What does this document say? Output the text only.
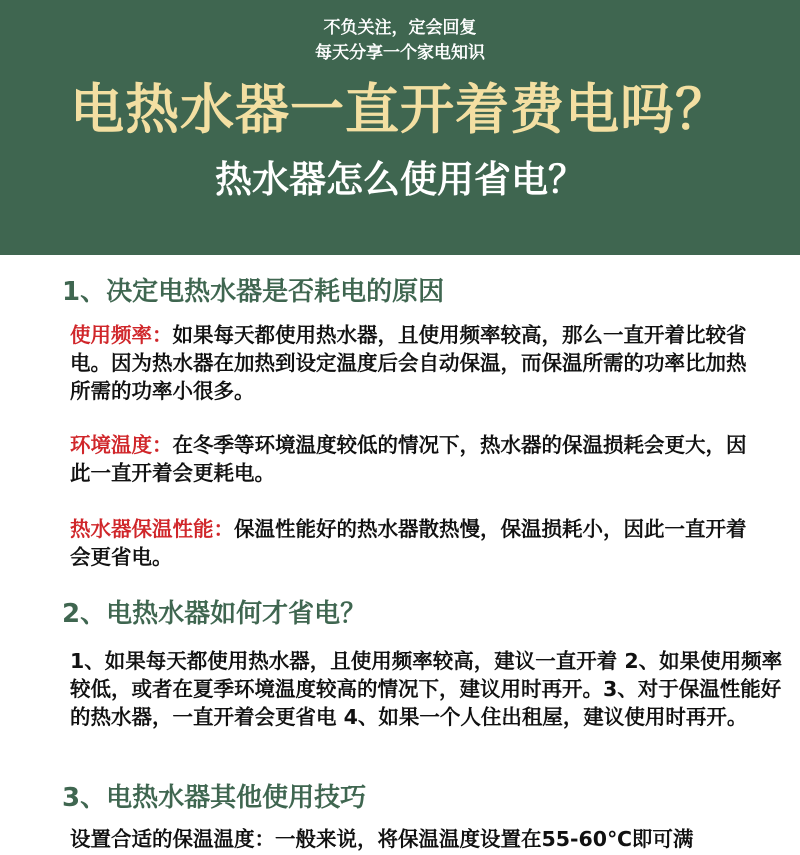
不负关注，定会回复
每天分享一个家电知识
电热水器一直开着费电吗？
热水器怎么使用省电？
1、决定电热水器是否耗电的原因
使用频率：如果每天都使用热水器，且使用频率较高，那么一直开着比较省电。因为热水器在加热到设定温度后会自动保温，而保温所需的功率比加热所需的功率小很多。
环境温度：在冬季等环境温度较低的情况下，热水器的保温损耗会更大，因此一直开着会更耗电。
热水器保温性能：保温性能好的热水器散热慢，保温损耗小，因此一直开着会更省电。
2、电热水器如何才省电？
1、如果每天都使用热水器，且使用频率较高，建议一直开着 2、如果使用频率较低，或者在夏季环境温度较高的情况下，建议用时再开。3、对于保温性能好的热水器，一直开着会更省电 4、如果一个人住出租屋，建议使用时再开。
3、电热水器其他使用技巧
设置合适的保温温度：一般来说，将保温温度设置在55-60℃即可满
